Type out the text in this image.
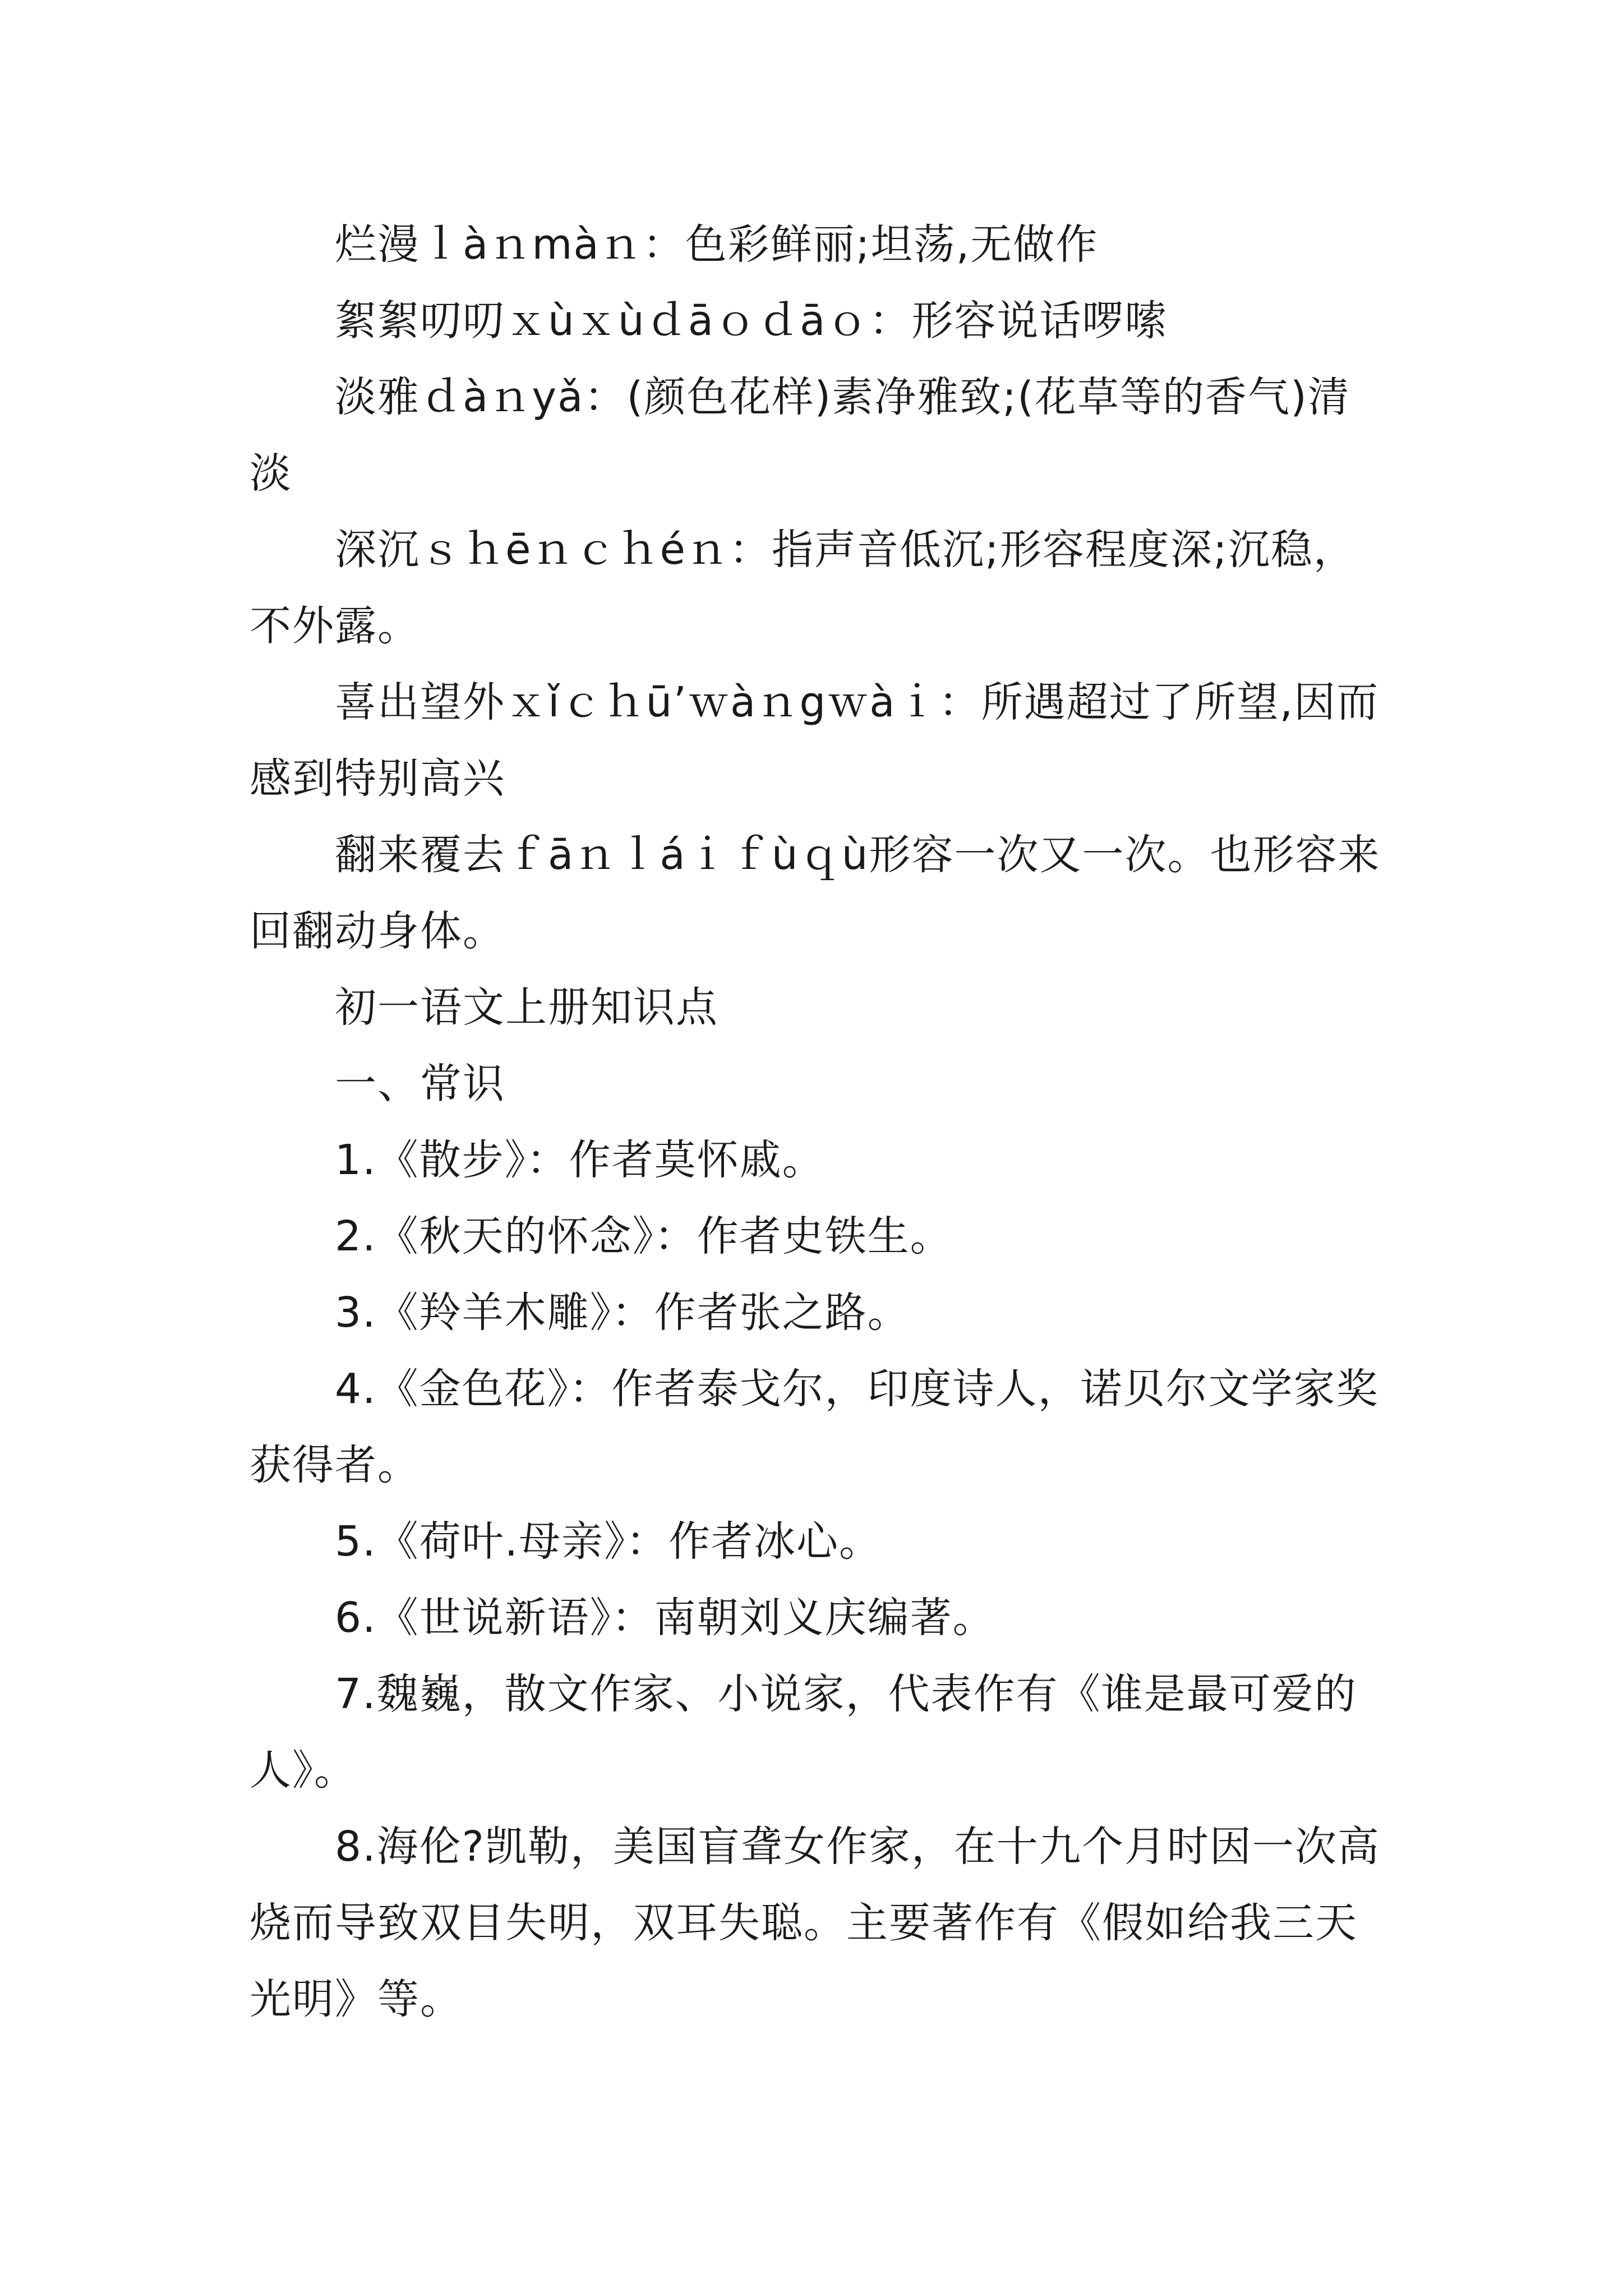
烂漫ｌàｎmàｎ：色彩鲜丽;坦荡,无做作

絮絮叨叨ｘùｘùｄāｏｄāｏ：形容说话啰嗦

淡雅ｄàｎyǎ：(颜色花样)素净雅致;(花草等的香气)清淡

深沉ｓｈēｎｃｈéｎ：指声音低沉;形容程度深;沉稳，不外露。

喜出望外ｘǐｃｈū’ｗàｎgｗàｉ：所遇超过了所望,因而感到特别高兴

翻来覆去ｆāｎｌáｉｆùｑù形容一次又一次。也形容来回翻动身体。

初一语文上册知识点

一、常识

1.《散步》：作者莫怀戚。

2.《秋天的怀念》：作者史铁生。

3.《羚羊木雕》：作者张之路。

4.《金色花》：作者泰戈尔，印度诗人，诺贝尔文学家奖获得者。

5.《荷叶.母亲》：作者冰心。

6.《世说新语》：南朝刘义庆编著。

7.魏巍，散文作家、小说家，代表作有《谁是最可爱的人》。

8.海伦?凯勒，美国盲聋女作家，在十九个月时因一次高烧而导致双目失明，双耳失聪。主要著作有《假如给我三天光明》等。
